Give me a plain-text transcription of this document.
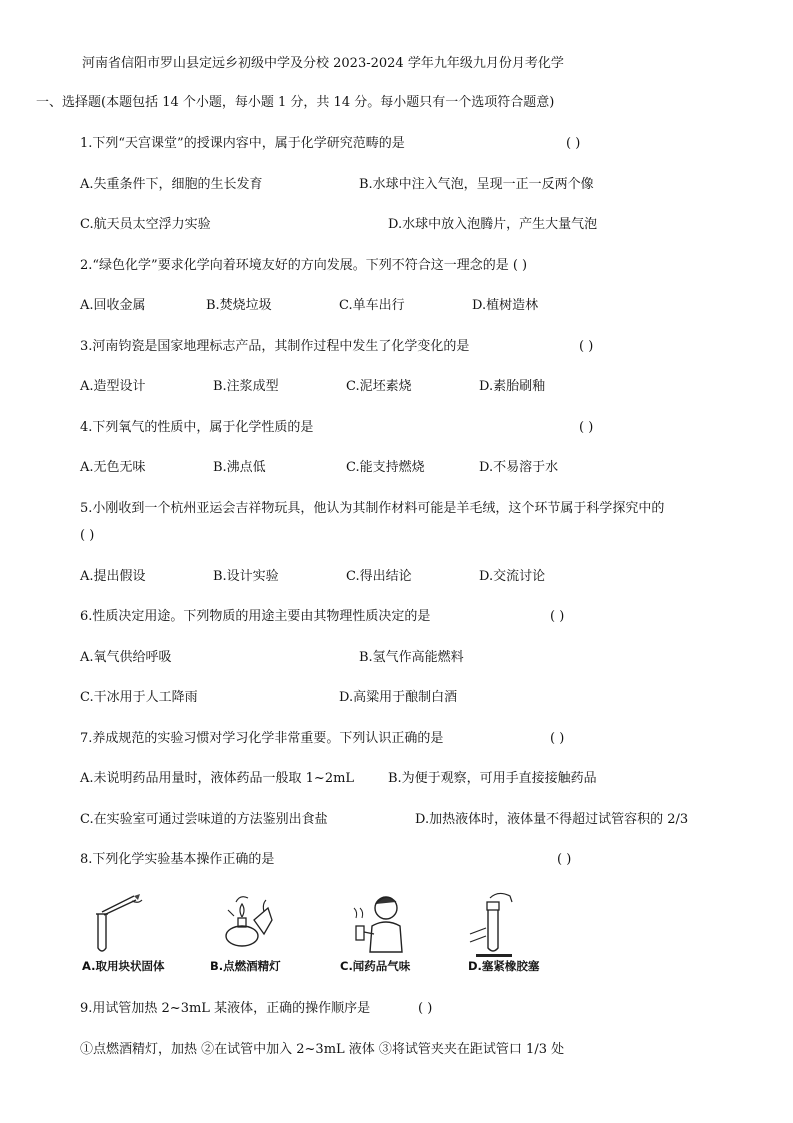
河南省信阳市罗山县定远乡初级中学及分校 2023-2024 学年九年级九月份月考化学
一、选择题(本题包括 14 个小题，每小题 1 分，共 14 分。每小题只有一个选项符合题意)
1.下列“天宫课堂”的授课内容中，属于化学研究范畴的是	( )
A.失重条件下，细胞的生长发育	B.水球中注入气泡，呈现一正一反两个像
C.航天员太空浮力实验	D.水球中放入泡腾片，产生大量气泡
2.“绿色化学”要求化学向着环境友好的方向发展。下列不符合这一理念的是 ( )
A.回收金属	B.焚烧垃圾	C.单车出行	D.植树造林
3.河南钧瓷是国家地理标志产品，其制作过程中发生了化学变化的是	( )
A.造型设计	B.注浆成型	C.泥坯素烧	D.素胎刷釉
4.下列氧气的性质中，属于化学性质的是	( )
A.无色无味	B.沸点低	C.能支持燃烧	D.不易溶于水
5.小刚收到一个杭州亚运会吉祥物玩具，他认为其制作材料可能是羊毛绒，这个环节属于科学探究中的
( )
A.提出假设	B.设计实验	C.得出结论	D.交流讨论
6.性质决定用途。下列物质的用途主要由其物理性质决定的是	( )
A.氧气供给呼吸	B.氢气作高能燃料
C.干冰用于人工降雨	D.高粱用于酿制白酒
7.养成规范的实验习惯对学习化学非常重要。下列认识正确的是	( )
A.未说明药品用量时，液体药品一般取 1~2mL	B.为便于观察，可用手直接接触药品
C.在实验室可通过尝味道的方法鉴别出食盐	D.加热液体时，液体量不得超过试管容积的 2/3
8.下列化学实验基本操作正确的是	( )
A.取用块状固体	B.点燃酒精灯	C.闻药品气味	D.塞紧橡胶塞
9.用试管加热 2~3mL 某液体，正确的操作顺序是	( )
①点燃酒精灯，加热 ②在试管中加入 2~3mL 液体 ③将试管夹夹在距试管口 1/3 处
